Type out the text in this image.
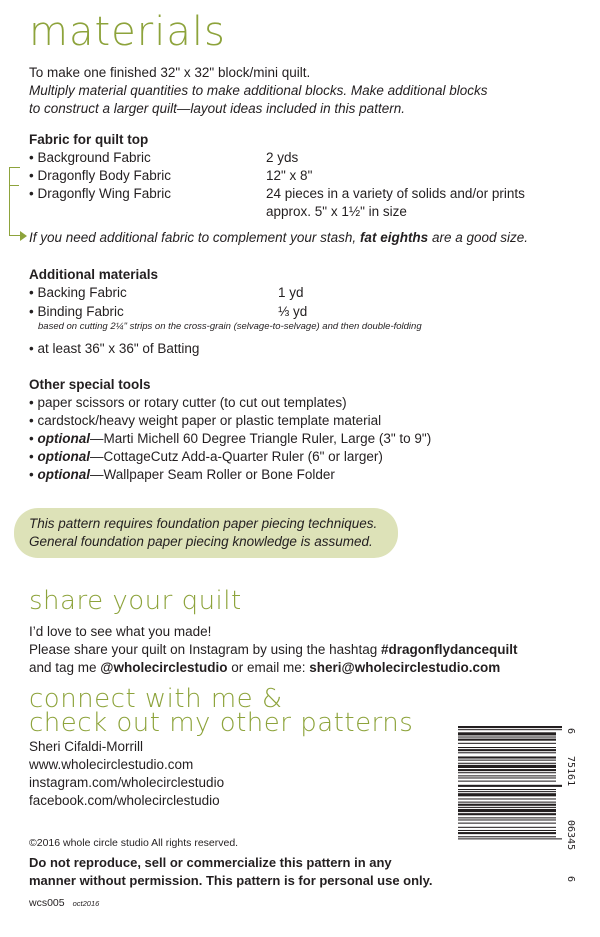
materials
To make one finished 32" x 32" block/mini quilt.
Multiply material quantities to make additional blocks. Make additional blocks
to construct a larger quilt—layout ideas included in this pattern.
Fabric for quilt top
• Background Fabric	2 yds
• Dragonfly Body Fabric	12" x 8"
• Dragonfly Wing Fabric	24 pieces in a variety of solids and/or prints
approx. 5" x 1½" in size
If you need additional fabric to complement your stash, fat eighths are a good size.
Additional materials
• Backing Fabric	1 yd
• Binding Fabric	⅓ yd
based on cutting 2¼" strips on the cross-grain (selvage-to-selvage) and then double-folding
• at least 36" x 36" of Batting
Other special tools
• paper scissors or rotary cutter (to cut out templates)
• cardstock/heavy weight paper or plastic template material
• optional—Marti Michell 60 Degree Triangle Ruler, Large (3" to 9")
• optional—CottageCutz Add-a-Quarter Ruler (6" or larger)
• optional—Wallpaper Seam Roller or Bone Folder
This pattern requires foundation paper piecing techniques.
General foundation paper piecing knowledge is assumed.
share your quilt
I’d love to see what you made!
Please share your quilt on Instagram by using the hashtag #dragonflydancequilt
and tag me @wholecirclestudio or email me: sheri@wholecirclestudio.com
connect with me &
check out my other patterns
Sheri Cifaldi-Morrill
www.wholecirclestudio.com
instagram.com/wholecirclestudio
facebook.com/wholecirclestudio
©2016 whole circle studio All rights reserved.
Do not reproduce, sell or commercialize this pattern in any
manner without permission. This pattern is for personal use only.
wcs005 oct2016
6
75161
06345
6
